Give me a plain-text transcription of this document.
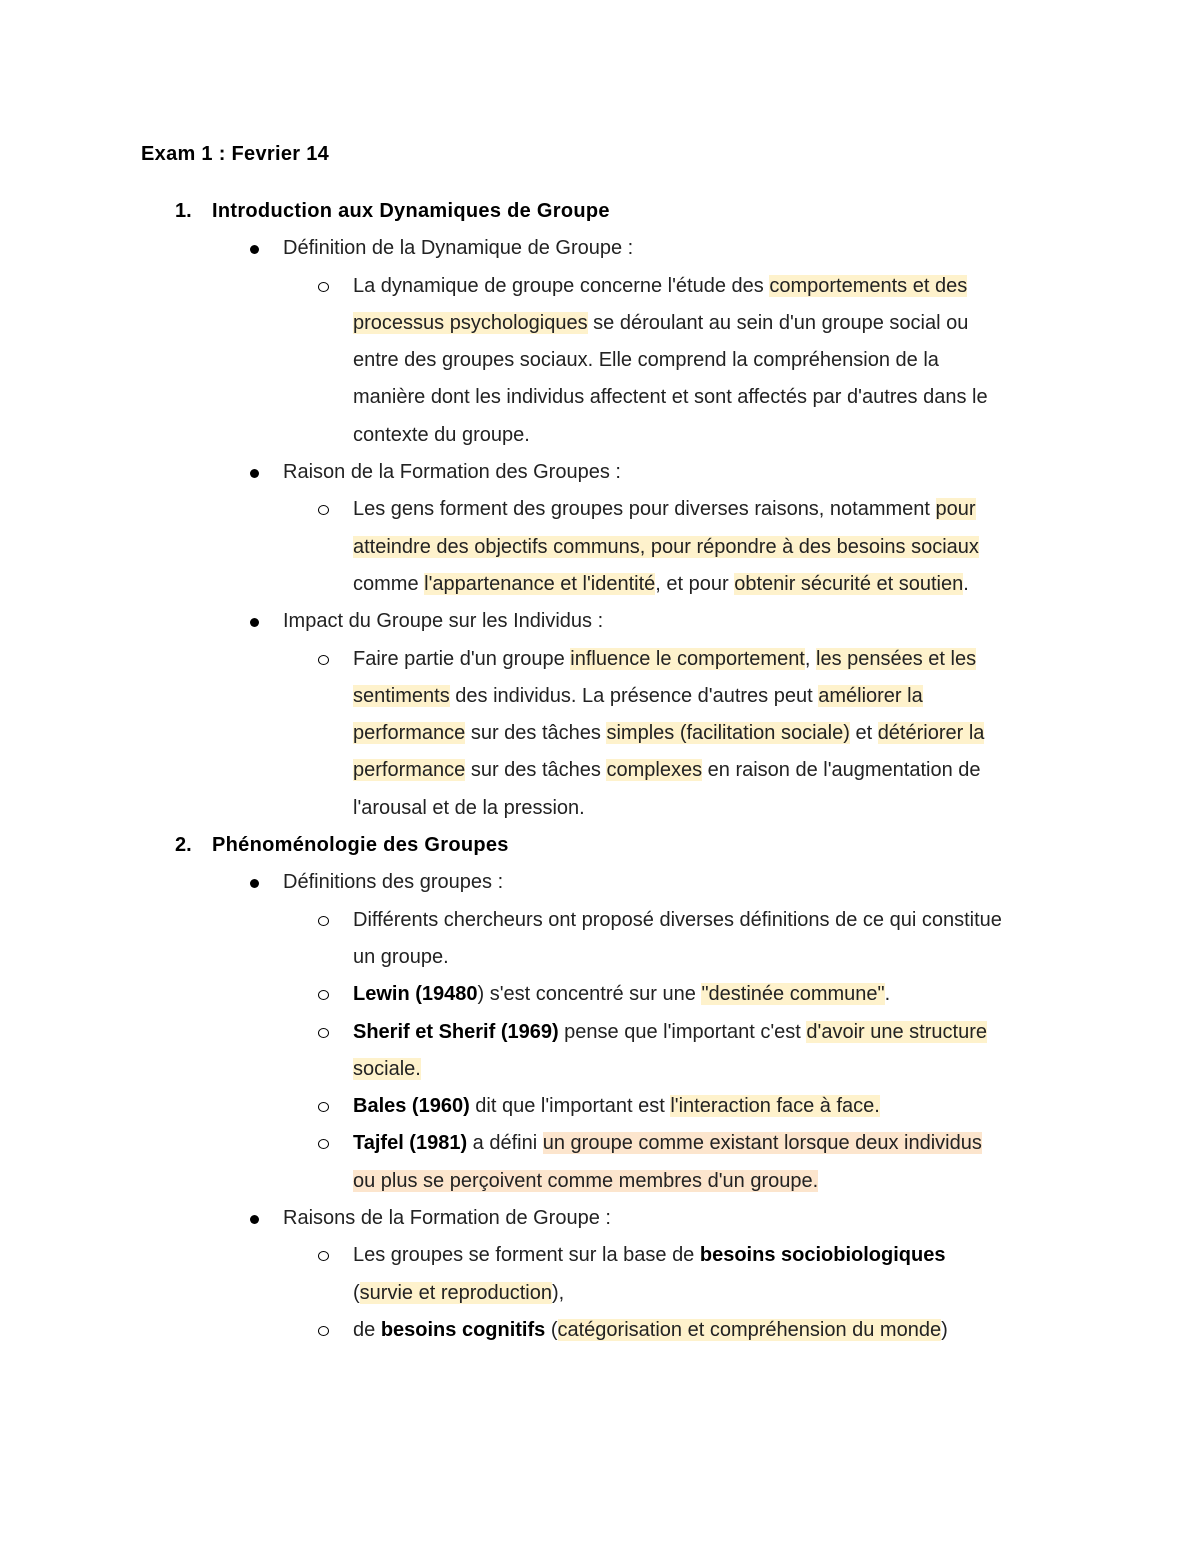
Exam 1 : Fevrier 14
1. Introduction aux Dynamiques de Groupe
Définition de la Dynamique de Groupe :
La dynamique de groupe concerne l'étude des comportements et des
processus psychologiques se déroulant au sein d'un groupe social ou
entre des groupes sociaux. Elle comprend la compréhension de la
manière dont les individus affectent et sont affectés par d'autres dans le
contexte du groupe.
Raison de la Formation des Groupes :
Les gens forment des groupes pour diverses raisons, notamment pour
atteindre des objectifs communs, pour répondre à des besoins sociaux
comme l'appartenance et l'identité, et pour obtenir sécurité et soutien.
Impact du Groupe sur les Individus :
Faire partie d'un groupe influence le comportement, les pensées et les
sentiments des individus. La présence d'autres peut améliorer la
performance sur des tâches simples (facilitation sociale) et détériorer la
performance sur des tâches complexes en raison de l'augmentation de
l'arousal et de la pression.
2. Phénoménologie des Groupes
Définitions des groupes :
Différents chercheurs ont proposé diverses définitions de ce qui constitue
un groupe.
Lewin (19480) s'est concentré sur une "destinée commune".
Sherif et Sherif (1969) pense que l'important c'est d'avoir une structure
sociale.
Bales (1960) dit que l'important est l'interaction face à face.
Tajfel (1981) a défini un groupe comme existant lorsque deux individus
ou plus se perçoivent comme membres d'un groupe.
Raisons de la Formation de Groupe :
Les groupes se forment sur la base de besoins sociobiologiques
(survie et reproduction),
de besoins cognitifs (catégorisation et compréhension du monde)
